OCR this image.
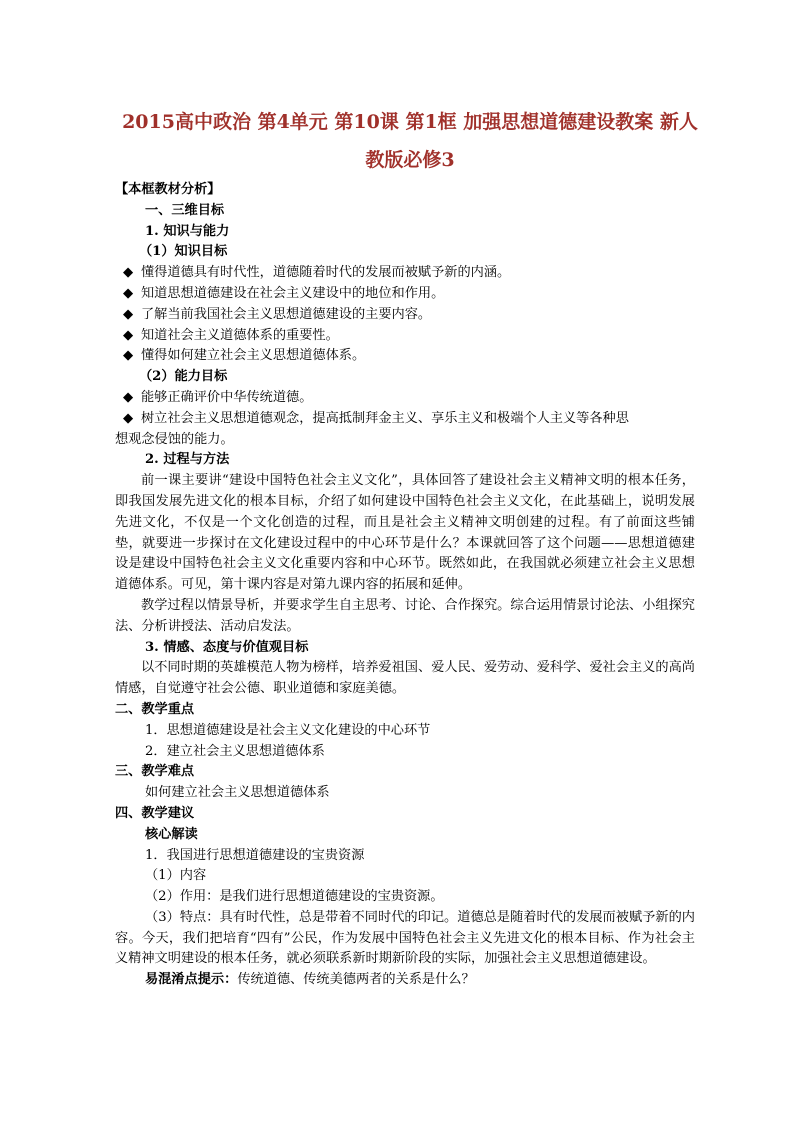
2015高中政治 第4单元 第10课 第1框 加强思想道德建设教案 新人
教版必修3
【本框教材分析】
一、三维目标
1. 知识与能力
（1）知识目标
◆ 懂得道德具有时代性，道德随着时代的发展而被赋予新的内涵。
◆ 知道思想道德建设在社会主义建设中的地位和作用。
◆ 了解当前我国社会主义思想道德建设的主要内容。
◆ 知道社会主义道德体系的重要性。
◆ 懂得如何建立社会主义思想道德体系。
（2）能力目标
◆ 能够正确评价中华传统道德。
◆ 树立社会主义思想道德观念，提高抵制拜金主义、享乐主义和极端个人主义等各种思
想观念侵蚀的能力。
2. 过程与方法
前一课主要讲“建设中国特色社会主义文化”，具体回答了建设社会主义精神文明的根本任务，即我国发展先进文化的根本目标，介绍了如何建设中国特色社会主义文化，在此基础上，说明发展先进文化，不仅是一个文化创造的过程，而且是社会主义精神文明创建的过程。有了前面这些铺垫，就要进一步探讨在文化建设过程中的中心环节是什么？本课就回答了这个问题——思想道德建设是建设中国特色社会主义文化重要内容和中心环节。既然如此，在我国就必须建立社会主义思想道德体系。可见，第十课内容是对第九课内容的拓展和延伸。
教学过程以情景导析，并要求学生自主思考、讨论、合作探究。综合运用情景讨论法、小组探究法、分析讲授法、活动启发法。
3. 情感、态度与价值观目标
以不同时期的英雄模范人物为榜样，培养爱祖国、爱人民、爱劳动、爱科学、爱社会主义的高尚情感，自觉遵守社会公德、职业道德和家庭美德。
二、教学重点
1．思想道德建设是社会主义文化建设的中心环节
2．建立社会主义思想道德体系
三、教学难点
如何建立社会主义思想道德体系
四、教学建议
核心解读
1．我国进行思想道德建设的宝贵资源
（1）内容
（2）作用：是我们进行思想道德建设的宝贵资源。
（3）特点：具有时代性，总是带着不同时代的印记。道德总是随着时代的发展而被赋予新的内容。今天，我们把培育“四有”公民，作为发展中国特色社会主义先进文化的根本目标、作为社会主义精神文明建设的根本任务，就必须联系新时期新阶段的实际，加强社会主义思想道德建设。
易混淆点提示：传统道德、传统美德两者的关系是什么？
